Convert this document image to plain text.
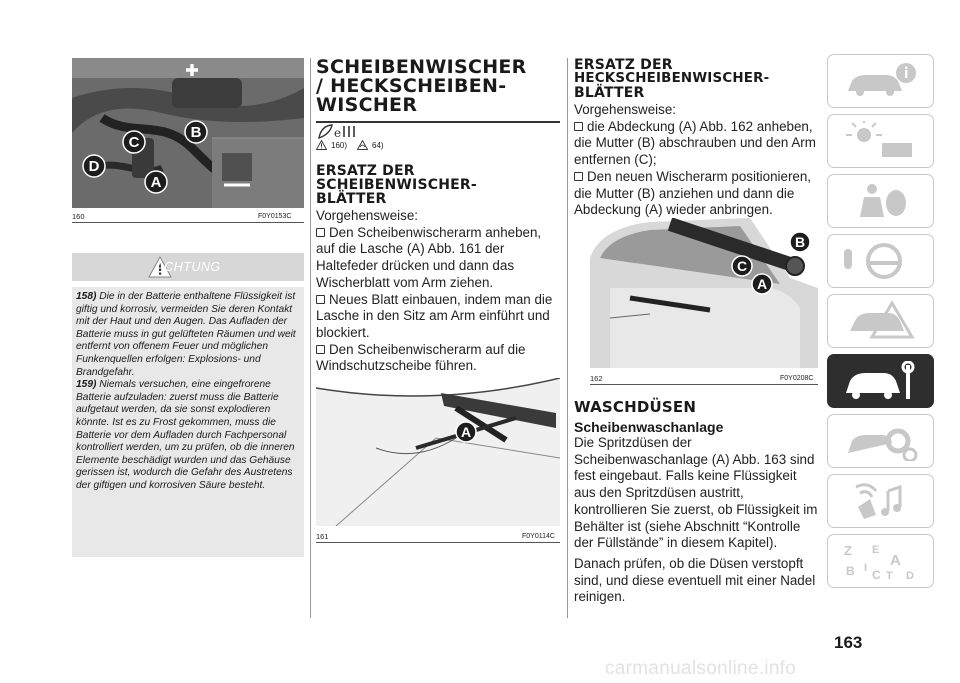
D
C
B
A
160	F0Y0153C
ACHTUNG

158) Die in der Batterie enthaltene Flüssigkeit ist giftig und korrosiv, vermeiden Sie deren Kontakt mit der Haut und den Augen. Das Aufladen der Batterie muss in gut gelüfteten Räumen und weit entfernt von offenem Feuer und möglichen Funkenquellen erfolgen: Explosions- und Brandgefahr.

159) Niemals versuchen, eine eingefrorene Batterie aufzuladen: zuerst muss die Batterie aufgetaut werden, da sie sonst explodieren könnte. Ist es zu Frost gekommen, muss die Batterie vor dem Aufladen durch Fachpersonal kontrolliert werden, um zu prüfen, ob die inneren Elemente beschädigt wurden und das Gehäuse gerissen ist, wodurch die Gefahr des Austretens der giftigen und korrosiven Säure besteht.

SCHEIBENWISCHER
/ HECKSCHEIBEN-
WISCHER
e
160)	64)
ERSATZ DER
SCHEIBENWISCHER-
BLÄTTER

Vorgehensweise:

Den Scheibenwischerarm anheben, auf die Lasche (A) Abb. 161 der Haltefeder drücken und dann das Wischerblatt vom Arm ziehen.

Neues Blatt einbauen, indem man die Lasche in den Sitz am Arm einführt und blockiert.

Den Scheibenwischerarm auf die Windschutzscheibe führen.

A
161	F0Y0114C
ERSATZ DER
HECKSCHEIBENWISCHER-
BLÄTTER

Vorgehensweise:

die Abdeckung (A) Abb. 162 anheben, die Mutter (B) abschrauben und den Arm entfernen (C);

Den neuen Wischerarm positionieren, die Mutter (B) anziehen und dann die Abdeckung (A) wieder anbringen.

B
C
A
162	F0Y0208C
WASCHDÜSEN
Scheibenwaschanlage

Die Spritzdüsen der Scheibenwaschanlage (A) Abb. 163 sind fest eingebaut. Falls keine Flüssigkeit aus den Spritzdüsen austritt, kontrollieren Sie zuerst, ob Flüssigkeit im Behälter ist (siehe Abschnitt “Kontrolle der Füllstände” in diesem Kapitel).

Danach prüfen, ob die Düsen verstopft sind, und diese eventuell mit einer Nadel reinigen.

Z E
A
B I C T D
163
carmanualsonline.info
